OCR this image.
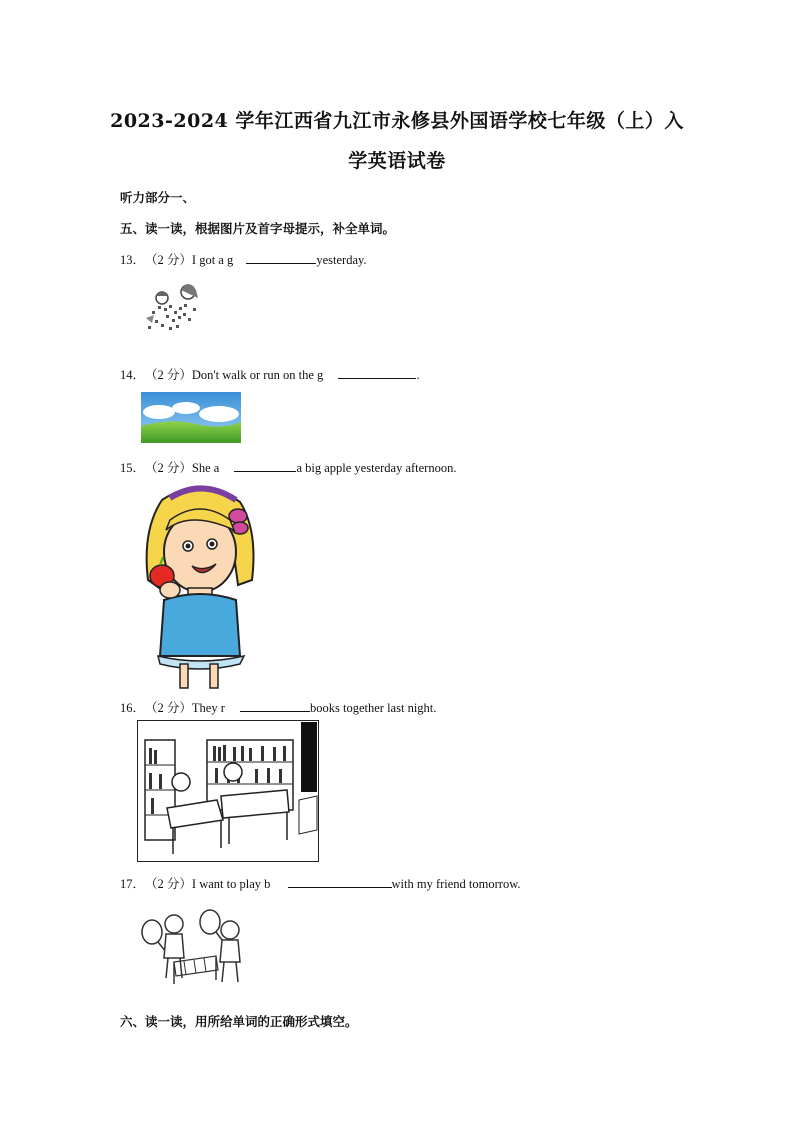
2023-2024 学年江西省九江市永修县外国语学校七年级（上）入
学英语试卷
听力部分一、
五、读一读，根据图片及首字母提示，补全单词。
13．（2 分）I got a g	yesterday.
14．（2 分）Don't walk or run on the g	.
15．（2 分）She a	a big apple yesterday afternoon.
16．（2 分）They r	books together last night.
17．（2 分）I want to play b	with my friend tomorrow.
六、读一读，用所给单词的正确形式填空。
